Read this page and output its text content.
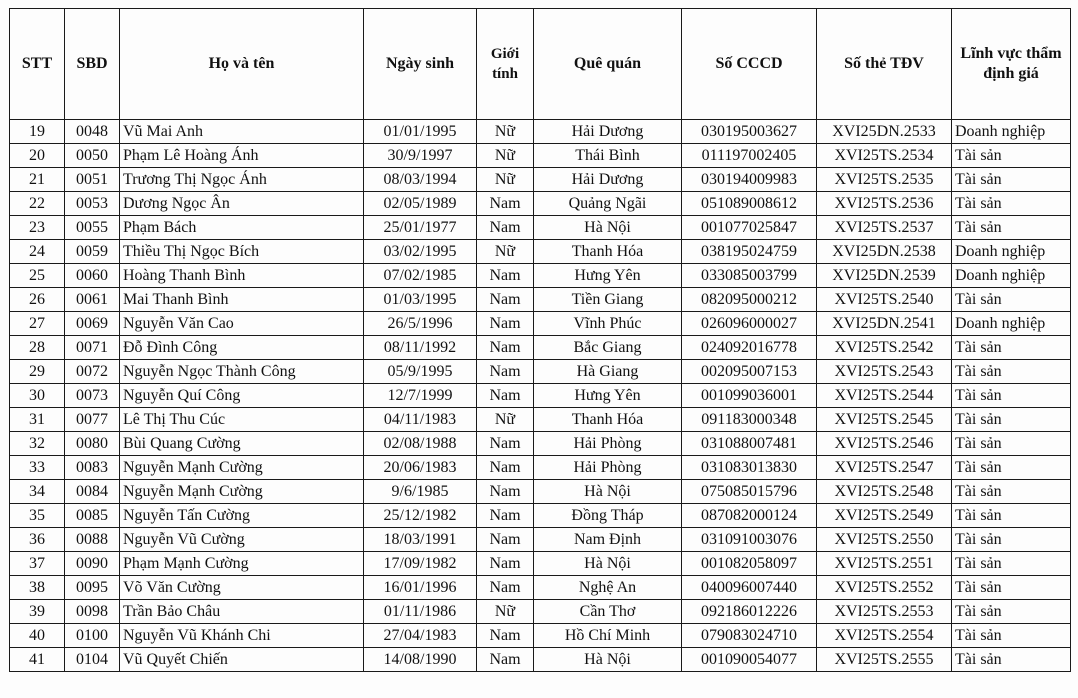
STT	SBD	Họ và tên	Ngày sinh	Giới tính	Quê quán	Số CCCD	Số thẻ TĐV	Lĩnh vực thẩm định giá
19	0048	Vũ Mai Anh	01/01/1995	Nữ	Hải Dương	030195003627	XVI25DN.2533	Doanh nghiệp
20	0050	Phạm Lê Hoàng Ánh	30/9/1997	Nữ	Thái Bình	011197002405	XVI25TS.2534	Tài sản
21	0051	Trương Thị Ngọc Ánh	08/03/1994	Nữ	Hải Dương	030194009983	XVI25TS.2535	Tài sản
22	0053	Dương Ngọc Ân	02/05/1989	Nam	Quảng Ngãi	051089008612	XVI25TS.2536	Tài sản
23	0055	Phạm Bách	25/01/1977	Nam	Hà Nội	001077025847	XVI25TS.2537	Tài sản
24	0059	Thiều Thị Ngọc Bích	03/02/1995	Nữ	Thanh Hóa	038195024759	XVI25DN.2538	Doanh nghiệp
25	0060	Hoàng Thanh Bình	07/02/1985	Nam	Hưng Yên	033085003799	XVI25DN.2539	Doanh nghiệp
26	0061	Mai Thanh Bình	01/03/1995	Nam	Tiền Giang	082095000212	XVI25TS.2540	Tài sản
27	0069	Nguyễn Văn Cao	26/5/1996	Nam	Vĩnh Phúc	026096000027	XVI25DN.2541	Doanh nghiệp
28	0071	Đỗ Đình Công	08/11/1992	Nam	Bắc Giang	024092016778	XVI25TS.2542	Tài sản
29	0072	Nguyễn Ngọc Thành Công	05/9/1995	Nam	Hà Giang	002095007153	XVI25TS.2543	Tài sản
30	0073	Nguyễn Quí Công	12/7/1999	Nam	Hưng Yên	001099036001	XVI25TS.2544	Tài sản
31	0077	Lê Thị Thu Cúc	04/11/1983	Nữ	Thanh Hóa	091183000348	XVI25TS.2545	Tài sản
32	0080	Bùi Quang Cường	02/08/1988	Nam	Hải Phòng	031088007481	XVI25TS.2546	Tài sản
33	0083	Nguyễn Mạnh Cường	20/06/1983	Nam	Hải Phòng	031083013830	XVI25TS.2547	Tài sản
34	0084	Nguyễn Mạnh Cường	9/6/1985	Nam	Hà Nội	075085015796	XVI25TS.2548	Tài sản
35	0085	Nguyễn Tấn Cường	25/12/1982	Nam	Đồng Tháp	087082000124	XVI25TS.2549	Tài sản
36	0088	Nguyễn Vũ Cường	18/03/1991	Nam	Nam Định	031091003076	XVI25TS.2550	Tài sản
37	0090	Phạm Mạnh Cường	17/09/1982	Nam	Hà Nội	001082058097	XVI25TS.2551	Tài sản
38	0095	Võ Văn Cường	16/01/1996	Nam	Nghệ An	040096007440	XVI25TS.2552	Tài sản
39	0098	Trần Bảo Châu	01/11/1986	Nữ	Cần Thơ	092186012226	XVI25TS.2553	Tài sản
40	0100	Nguyễn Vũ Khánh Chi	27/04/1983	Nam	Hồ Chí Minh	079083024710	XVI25TS.2554	Tài sản
41	0104	Vũ Quyết Chiến	14/08/1990	Nam	Hà Nội	001090054077	XVI25TS.2555	Tài sản
